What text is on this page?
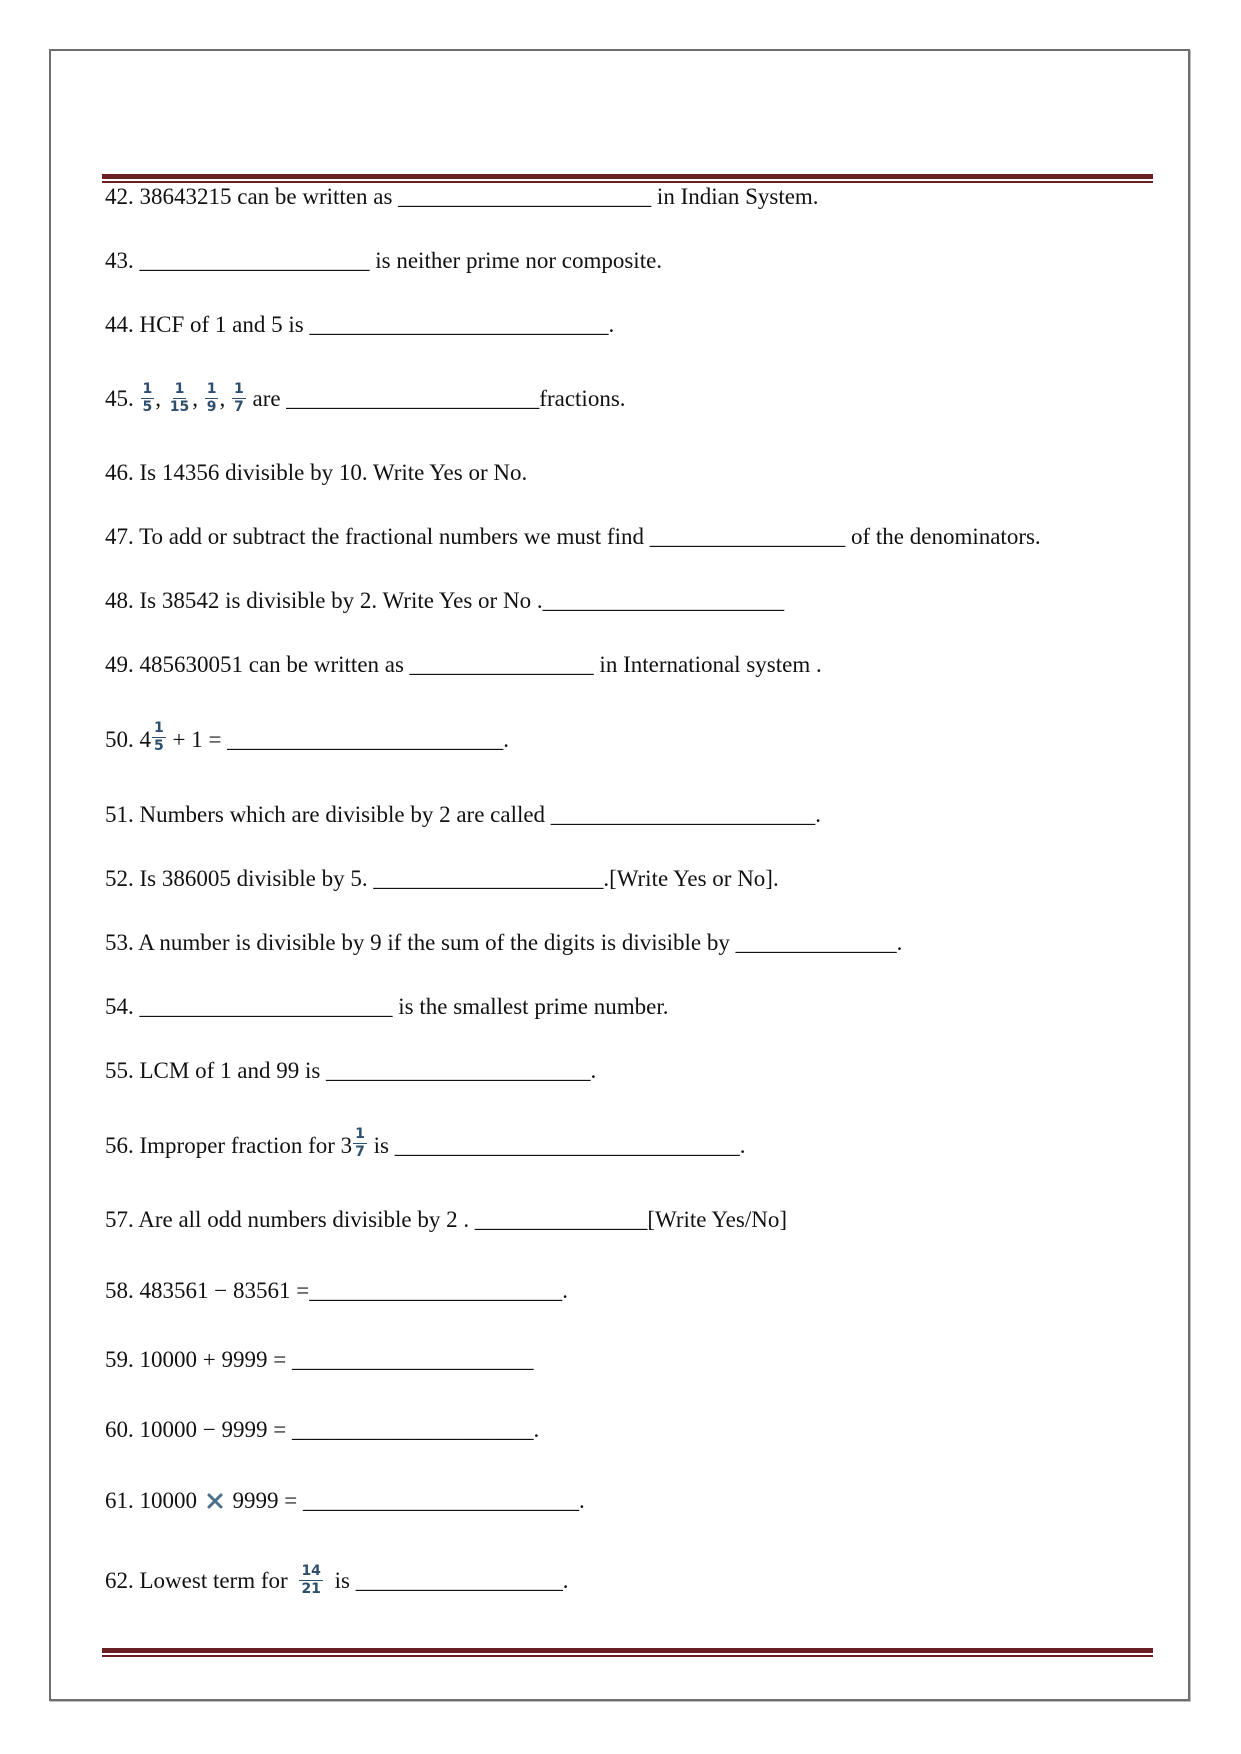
42. 38643215 can be written as ______________________ in Indian System.
43. ____________________ is neither prime nor composite.
44. HCF of 1 and 5 is __________________________.
45. $\frac{1}{5}$ , $\frac{1}{15}$ , $\frac{1}{9}$ , $\frac{1}{7}$ are ______________________fractions.
46. Is 14356 divisible by 10. Write Yes or No.
47. To add or subtract the fractional numbers we must find _________________ of the denominators.
48. Is 38542 is divisible by 2. Write Yes or No ._____________________
49. 485630051 can be written as ________________ in International system .
50. $4 \frac{1}{5} + 1$ = ________________________.
51. Numbers which are divisible by 2 are called _______________________.
52. Is 386005 divisible by 5. ____________________.[Write Yes or No].
53. A number is divisible by 9 if the sum of the digits is divisible by ______________.
54. ______________________ is the smallest prime number.
55. LCM of 1 and 99 is _______________________.
56. Improper fraction for $3 \frac{1}{7}$ is ______________________________.
57. Are all odd numbers divisible by 2 . _______________[Write Yes/No]
58. 483561 − 83561 =______________________.
59. 10000 + 9999 = _____________________
60. 10000 − 9999 = _____________________.
61. 10000 9999 = ________________________.
62. Lowest term for $\frac{14}{21}$ is __________________.
